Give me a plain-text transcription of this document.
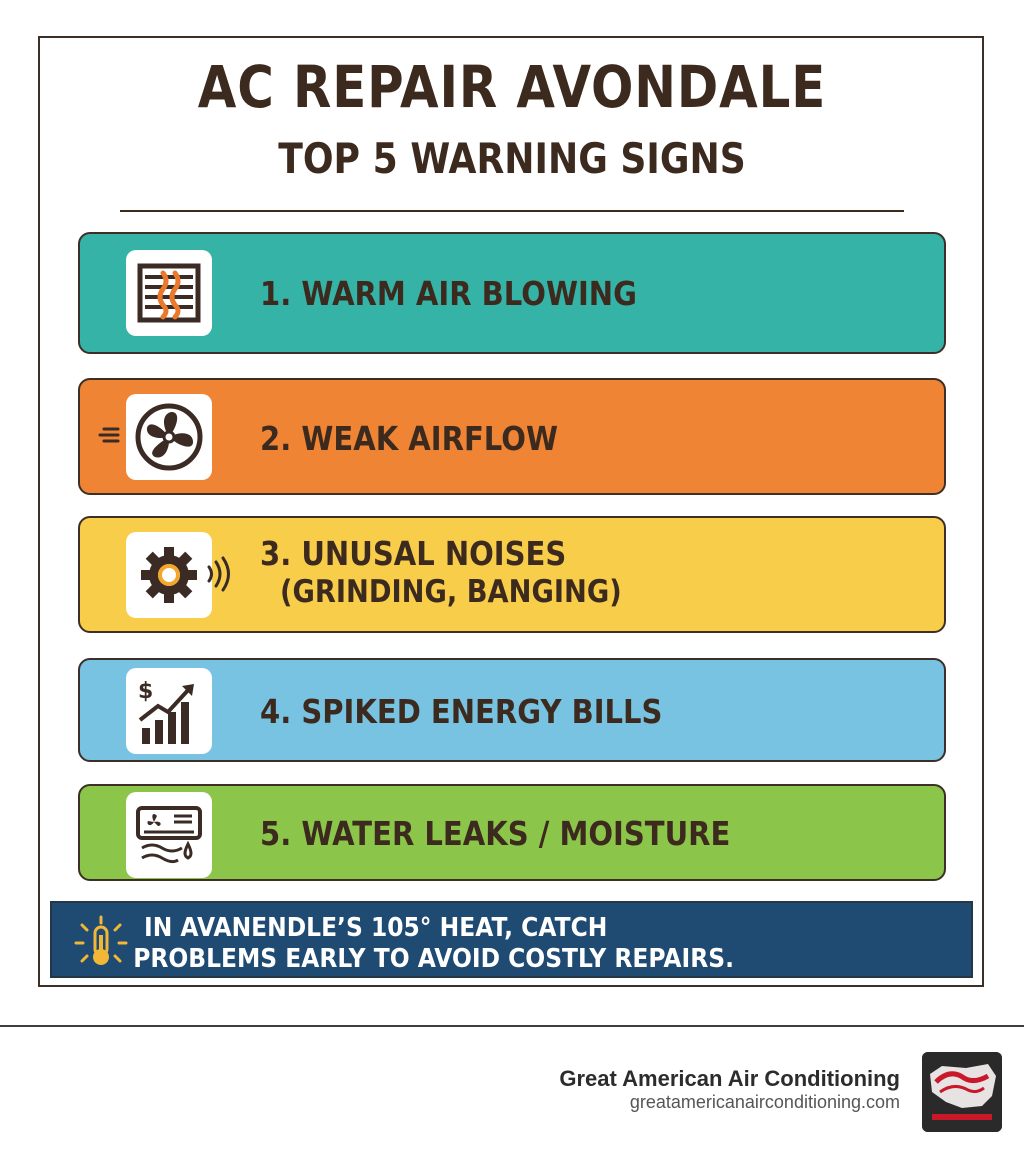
AC REPAIR AVONDALE
TOP 5 WARNING SIGNS
1. WARM AIR BLOWING
2. WEAK AIRFLOW
3. UNUSAL NOISES
(GRINDING, BANGING)
$
4. SPIKED ENERGY BILLS
5. WATER LEAKS / MOISTURE
IN AVANENDLE’S 105° HEAT, CATCH
PROBLEMS EARLY TO AVOID COSTLY REPAIRS.
Great American Air Conditioning
greatamericanairconditioning.com
